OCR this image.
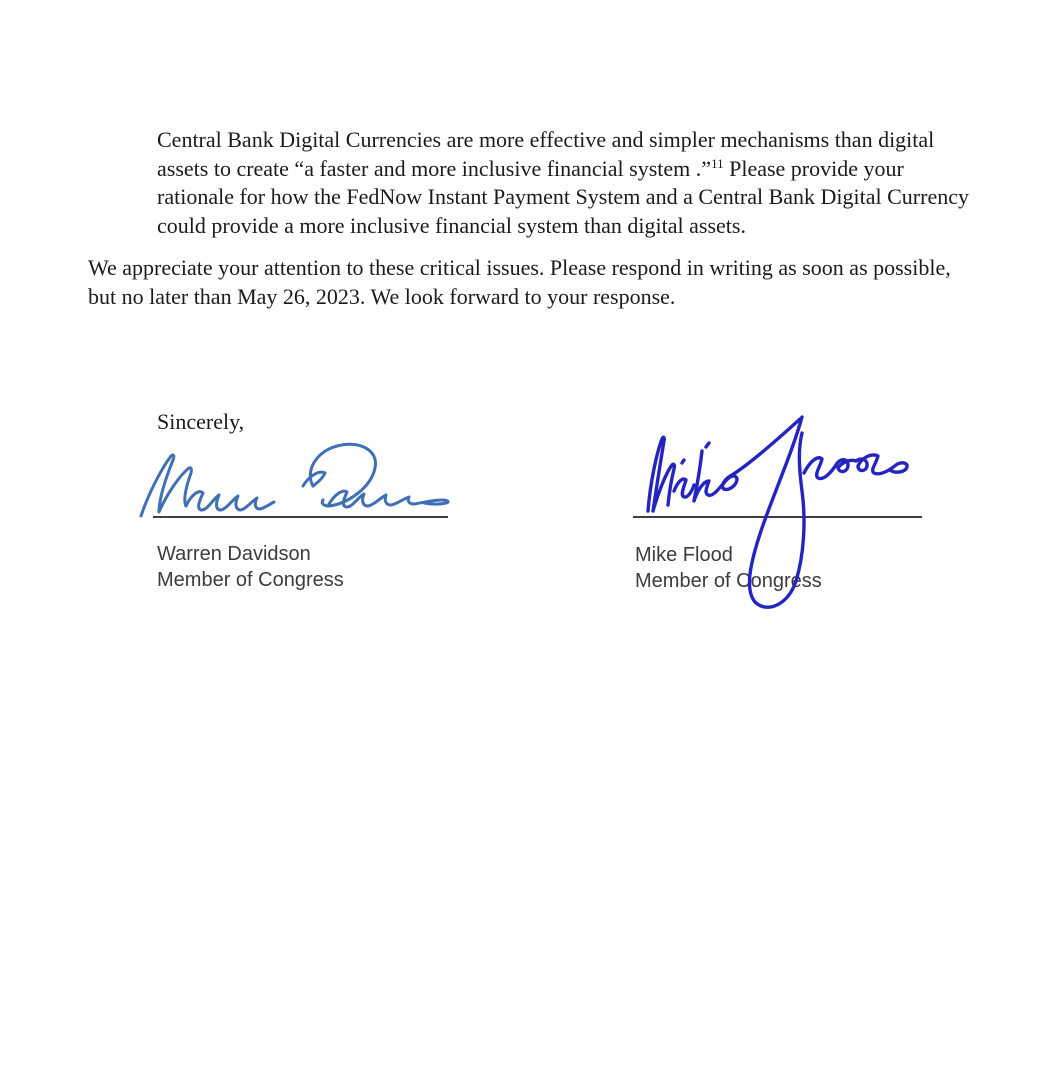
Central Bank Digital Currencies are more effective and simpler mechanisms than digital assets to create “a faster and more inclusive financial system .”$^{11}$ Please provide your rationale for how the FedNow Instant Payment System and a Central Bank Digital Currency could provide a more inclusive financial system than digital assets.

We appreciate your attention to these critical issues. Please respond in writing as soon as possible, but no later than May 26, 2023. We look forward to your response.

Sincerely,

Warren Davidson
Member of Congress
Mike Flood
Member of Congress
